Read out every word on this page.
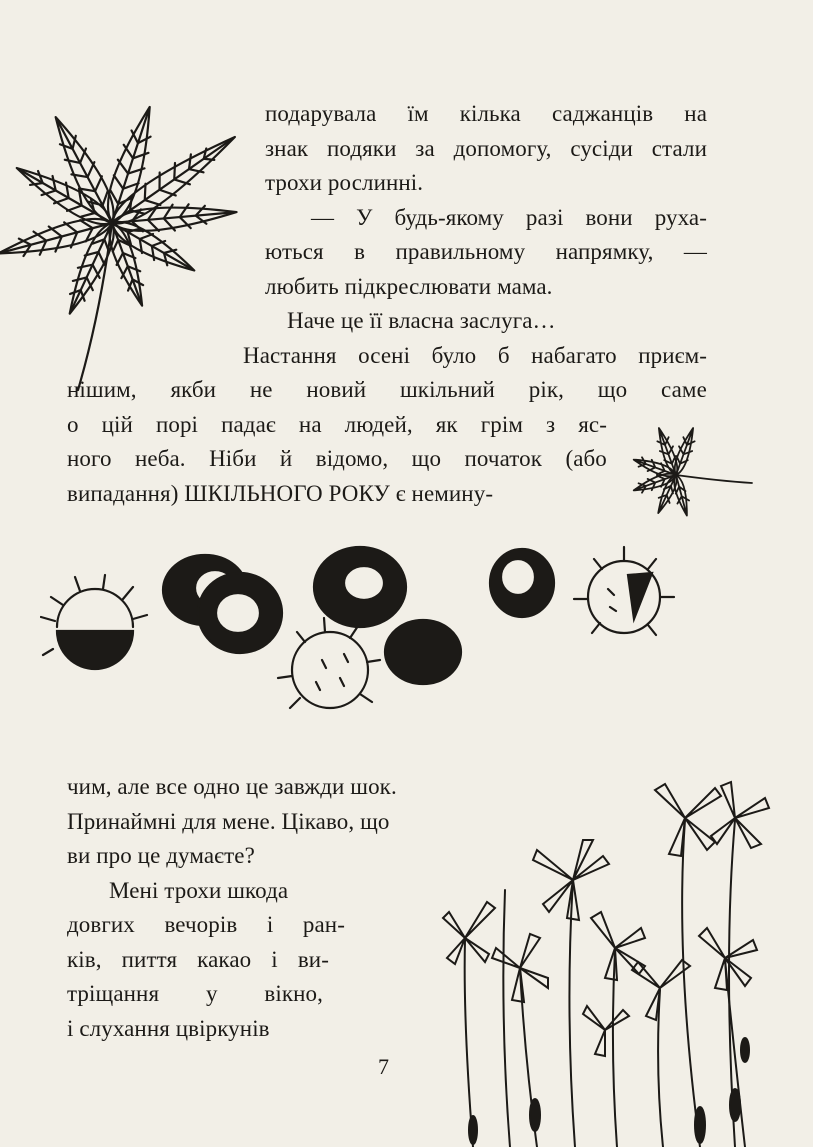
подарувала їм кілька саджанців на
знак подяки за допомогу, сусіди стали
трохи рослинні.
— У будь-якому разі вони руха-
ються в правильному напрямку, —
любить підкреслювати мама.
Наче це її власна заслуга…
Настання осені було б набагато приєм-
нішим, якби не новий шкільний рік, що саме
о цій порі падає на людей, як грім з яс-
ного неба. Ніби й відомо, що початок (або
випадання) ШКІЛЬНОГО РОКУ є немину-
чим, але все одно це завжди шок.
Принаймні для мене. Цікаво, що
ви про це думаєте?
Мені трохи шкода
довгих вечорів і ран-
ків, пиття какао і ви-
тріщання у вікно,
і слухання цвіркунів
7
